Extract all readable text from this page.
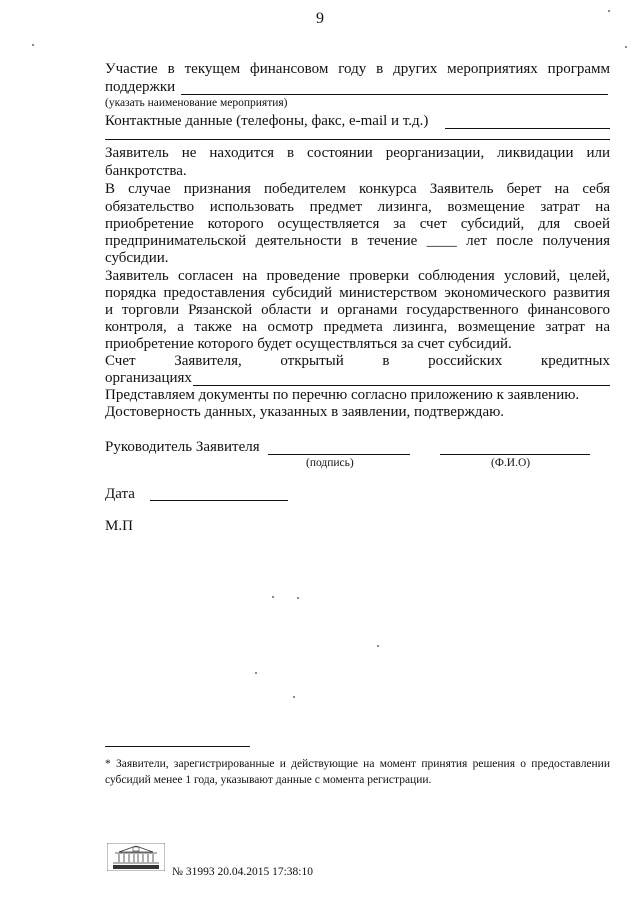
9
Участие в текущем финансовом году в других мероприятиях программ
поддержки
(указать наименование мероприятия)
Контактные данные (телефоны, факс, e-mail и т.д.)
Заявитель не находится в состоянии реорганизации, ликвидации или
банкротства.
В случае признания победителем конкурса Заявитель берет на себя
обязательство использовать предмет лизинга, возмещение затрат на
приобретение которого осуществляется за счет субсидий, для своей
предпринимательской деятельности в течение ____ лет после получения
субсидии.
Заявитель согласен на проведение проверки соблюдения условий, целей,
порядка предоставления субсидий министерством экономического развития
и торговли Рязанской области и органами государственного финансового
контроля, а также на осмотр предмета лизинга, возмещение затрат на
приобретение которого будет осуществляться за счет субсидий.
Счет Заявителя, открытый в российских кредитных
организациях
Представляем документы по перечню согласно приложению к заявлению.
Достоверность данных, указанных в заявлении, подтверждаю.
Руководитель Заявителя
(подпись)	(Ф.И.О)
Дата
М.П
* Заявители, зарегистрированные и действующие на момент принятия решения о предоставлении субсидий менее 1 года, указывают данные с момента регистрации.
№ 31993 20.04.2015 17:38:10
